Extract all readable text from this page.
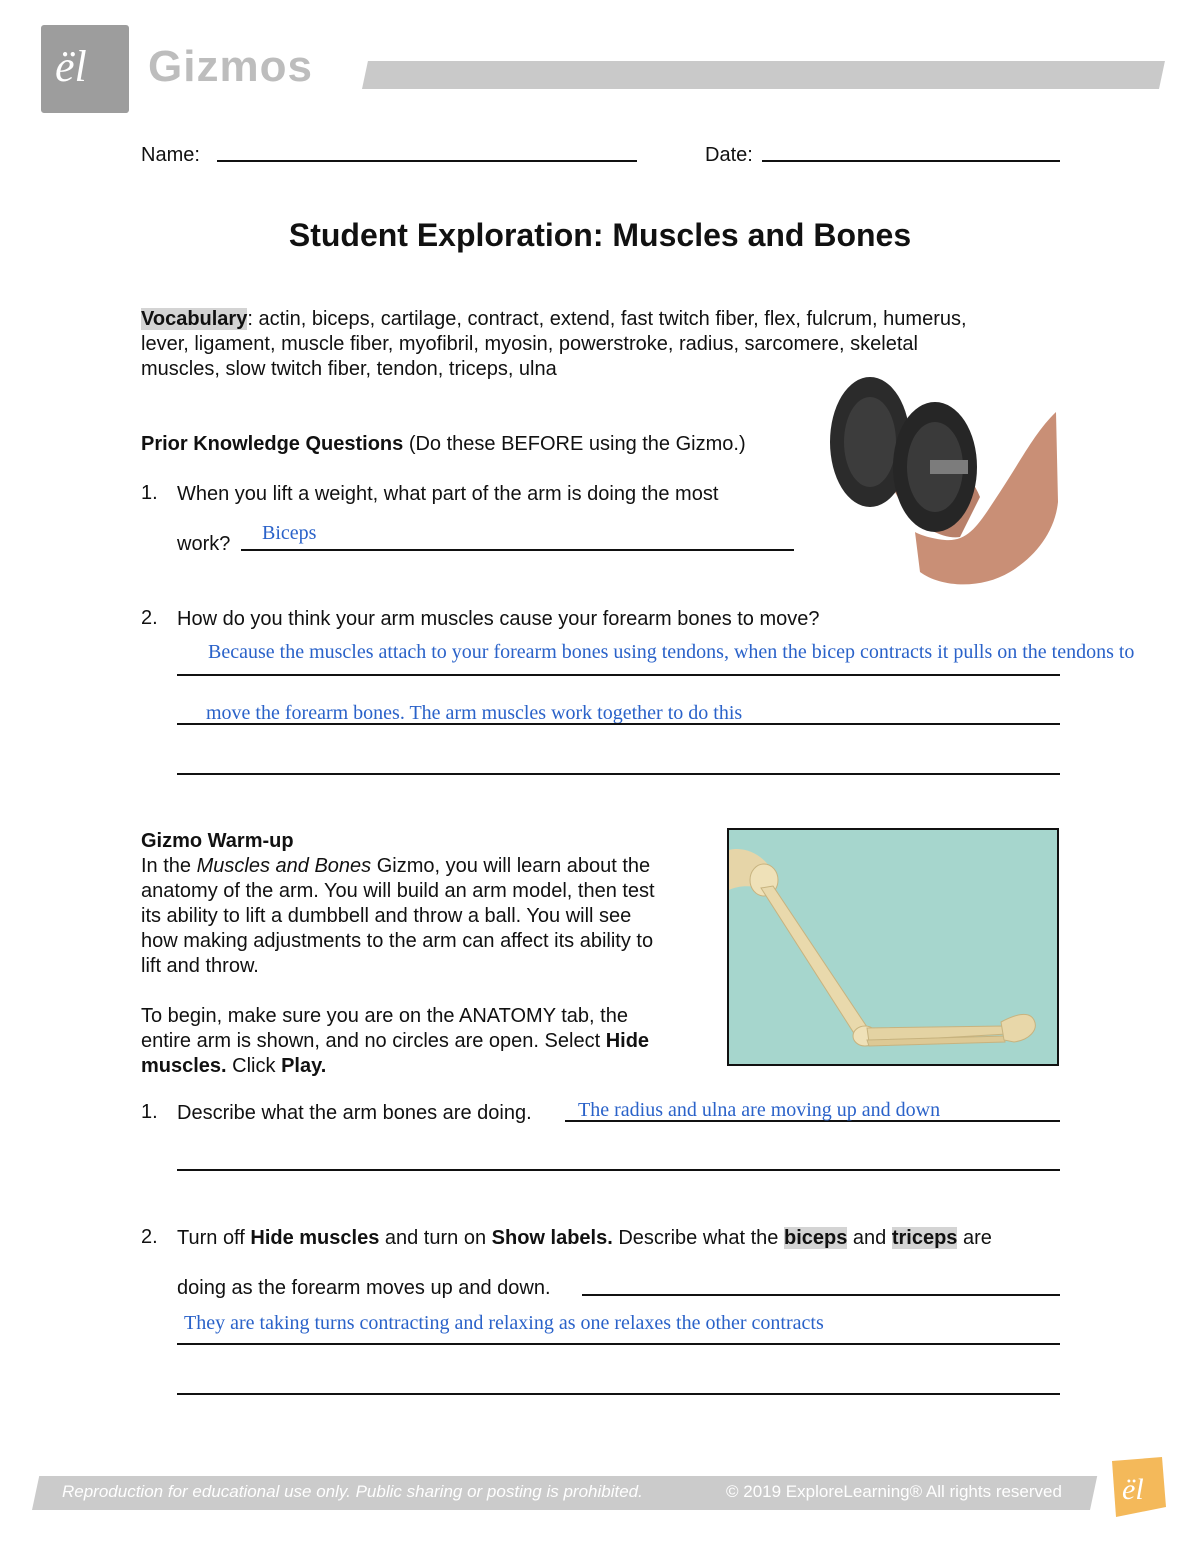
ël Gizmos
Name:	Date:
Student Exploration: Muscles and Bones
Vocabulary: actin, biceps, cartilage, contract, extend, fast twitch fiber, flex, fulcrum, humerus,
lever, ligament, muscle fiber, myofibril, myosin, powerstroke, radius, sarcomere, skeletal
muscles, slow twitch fiber, tendon, triceps, ulna
Prior Knowledge Questions (Do these BEFORE using the Gizmo.)
1. When you lift a weight, what part of the arm is doing the most
work? Biceps
2. How do you think your arm muscles cause your forearm bones to move?
Because the muscles attach to your forearm bones using tendons, when the bicep contracts it pulls on the tendons to
move the forearm bones. The arm muscles work together to do this
Gizmo Warm-up
In the Muscles and Bones Gizmo, you will learn about the
anatomy of the arm. You will build an arm model, then test
its ability to lift a dumbbell and throw a ball. You will see
how making adjustments to the arm can affect its ability to
lift and throw.

To begin, make sure you are on the ANATOMY tab, the
entire arm is shown, and no circles are open. Select Hide
muscles. Click Play.
1. Describe what the arm bones are doing. The radius and ulna are moving up and down
2. Turn off Hide muscles and turn on Show labels. Describe what the biceps and triceps are
doing as the forearm moves up and down.
They are taking turns contracting and relaxing as one relaxes the other contracts
Reproduction for educational use only. Public sharing or posting is prohibited.	© 2019 ExploreLearning® All rights reserved ël
